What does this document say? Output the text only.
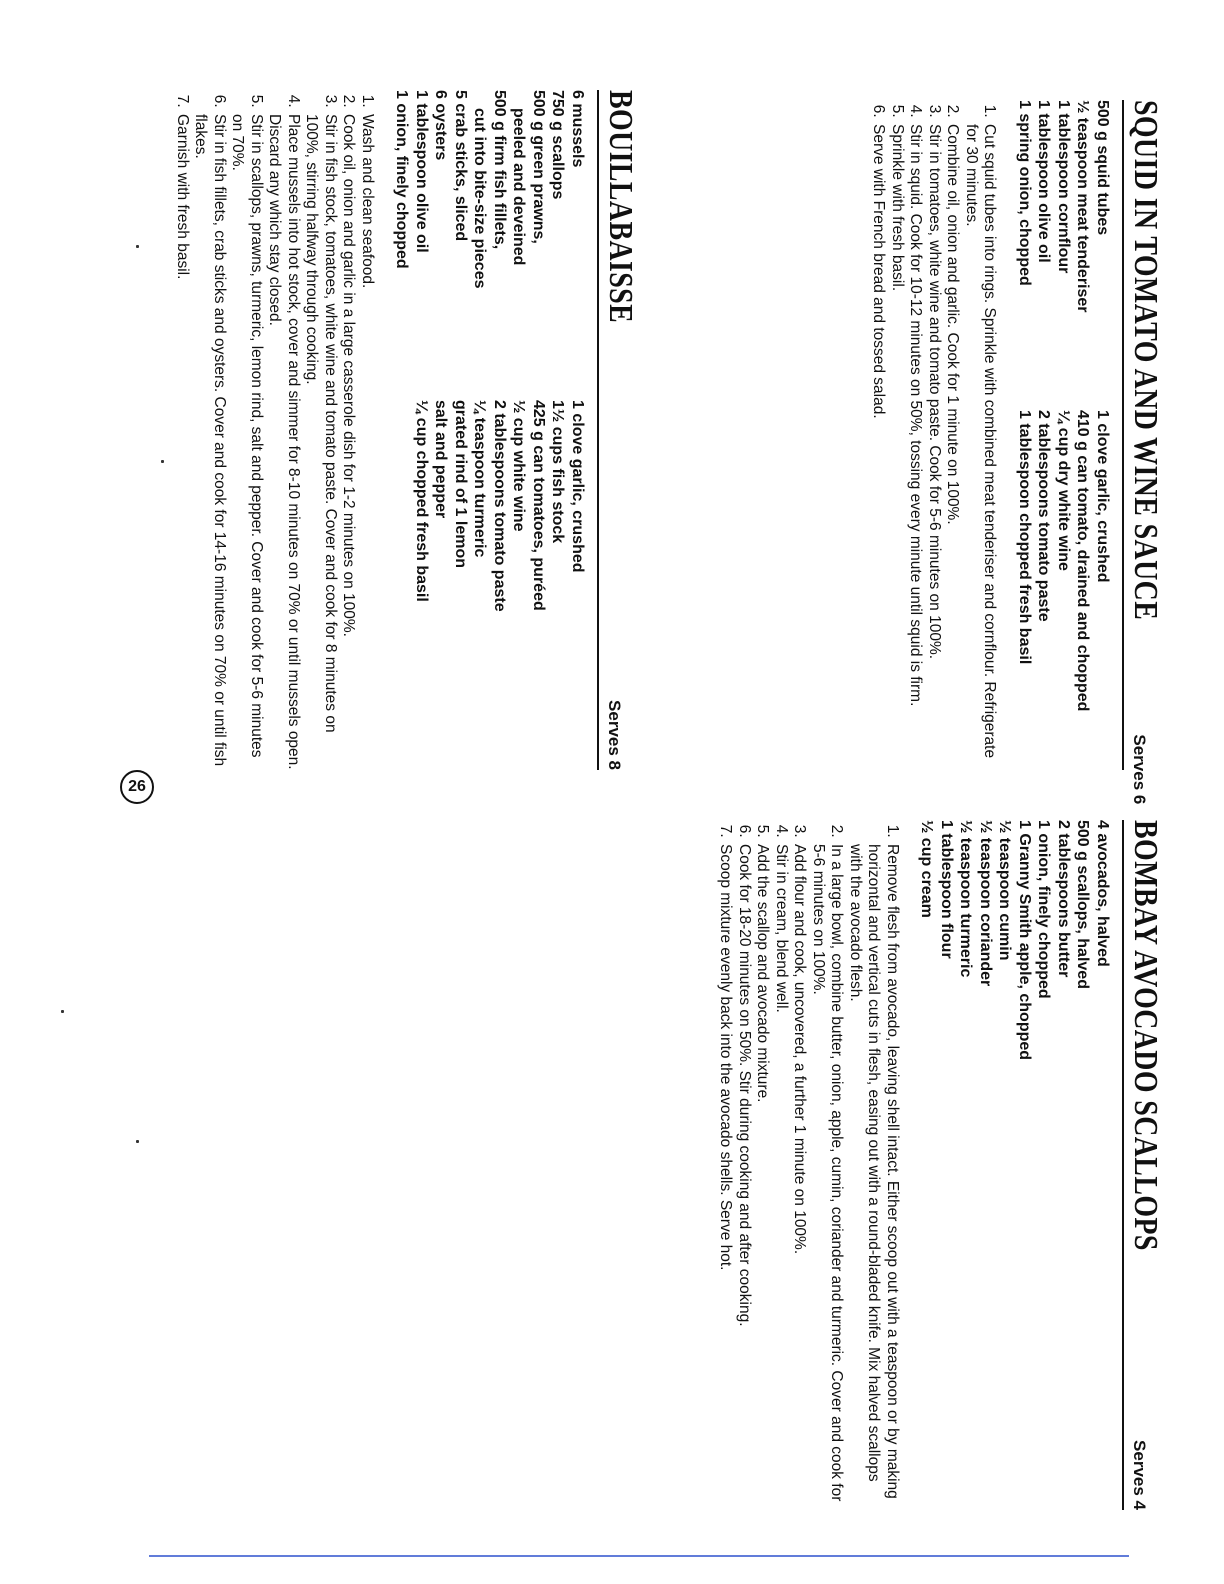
SQUID IN TOMATO AND WINE SAUCE
Serves 6
500 g squid tubes
½ teaspoon meat tenderiser
1 tablespoon cornflour
1 tablespoon olive oil
1 spring onion, chopped
1 clove garlic, crushed
410 g can tomato, drained and chopped
¼ cup dry white wine
2 tablespoons tomato paste
1 tablespoon chopped fresh basil
1. Cut squid tubes into rings. Sprinkle with combined meat tenderiser and cornflour. Refrigerate for 30 minutes.
2. Combine oil, onion and garlic. Cook for 1 minute on 100%.
3. Stir in tomatoes, white wine and tomato paste. Cook for 5-6 minutes on 100%.
4. Stir in squid. Cook for 10-12 minutes on 50%, tossing every minute until squid is firm.
5. Sprinkle with fresh basil.
6. Serve with French bread and tossed salad.
BOUILLABAISSE
Serves 8
6 mussels
750 g scallops
500 g green prawns,
peeled and deveined
500 g firm fish fillets,
cut into bite-size pieces
5 crab sticks, sliced
6 oysters
1 tablespoon olive oil
1 onion, finely chopped
1 clove garlic, crushed
1½ cups fish stock
425 g can tomatoes, puréed
½ cup white wine
2 tablespoons tomato paste
¼ teaspoon turmeric
grated rind of 1 lemon
salt and pepper
¼ cup chopped fresh basil
1. Wash and clean seafood.
2. Cook oil, onion and garlic in a large casserole dish for 1-2 minutes on 100%.
3. Stir in fish stock, tomatoes, white wine and tomato paste. Cover and cook for 8 minutes on 100%, stirring halfway through cooking.
4. Place mussels into hot stock, cover and simmer for 8-10 minutes on 70% or until mussels open. Discard any which stay closed.
5. Stir in scallops, prawns, turmeric, lemon rind, salt and pepper. Cover and cook for 5-6 minutes on 70%.
6. Stir in fish fillets, crab sticks and oysters. Cover and cook for 14-16 minutes on 70% or until fish flakes.
7. Garnish with fresh basil.
BOMBAY AVOCADO SCALLOPS
Serves 4
4 avocados, halved
500 g scallops, halved
2 tablespoons butter
1 onion, finely chopped
1 Granny Smith apple, chopped
½ teaspoon cumin
½ teaspoon coriander
½ teaspoon turmeric
1 tablespoon flour
½ cup cream
1. Remove flesh from avocado, leaving shell intact. Either scoop out with a teaspoon or by making horizontal and vertical cuts in flesh, easing out with a round-bladed knife. Mix halved scallops with the avocado flesh.
2. In a large bowl, combine butter, onion, apple, cumin, coriander and turmeric. Cover and cook for 5-6 minutes on 100%.
3. Add flour and cook, uncovered, a further 1 minute on 100%.
4. Stir in cream, blend well.
5. Add the scallop and avocado mixture.
6. Cook for 18-20 minutes on 50%. Stir during cooking and after cooking.
7. Scoop mixture evenly back into the avocado shells. Serve hot.
26
